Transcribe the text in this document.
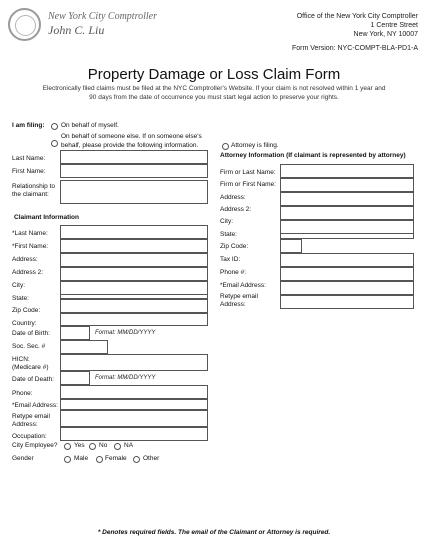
New York City Comptroller
John C. Liu
Office of the New York City Comptroller
1 Centre Street
New York, NY 10007
Form Version: NYC-COMPT-BLA-PD1-A
Property Damage or Loss Claim Form
Electronically filed claims must be filed at the NYC Comptroller's Website. If your claim is not resolved within 1 year and 90 days from the date of occurrence you must start legal action to preserve your rights.
I am filing:	On behalf of myself.
On behalf of someone else. If on someone else's
behalf, please provide the following information.	Attorney is filing.
Last Name:
First Name:
Relationship to
the claimant:
Attorney Information (If claimant is represented by attorney)
Firm or Last Name:
Firm or First Name:
Address:
Address 2:
City:
State:
Zip Code:
Tax ID:
Phone #:
*Email Address:
Retype email
Address:
Claimant Information
*Last Name:
*First Name:
Address:
Address 2:
City:
State:
Zip Code:
Country:
Date of Birth:	Format: MM/DD/YYYY
Soc. Sec. #
HICN:
(Medicare #)
Date of Death:	Format: MM/DD/YYYY
Phone:
*Email Address:
Retype email
Address:
Occupation:
City Employee?	Yes No	NA
Gender	Male	Female	Other
* Denotes required fields. The email of the Claimant or Attorney is required.
